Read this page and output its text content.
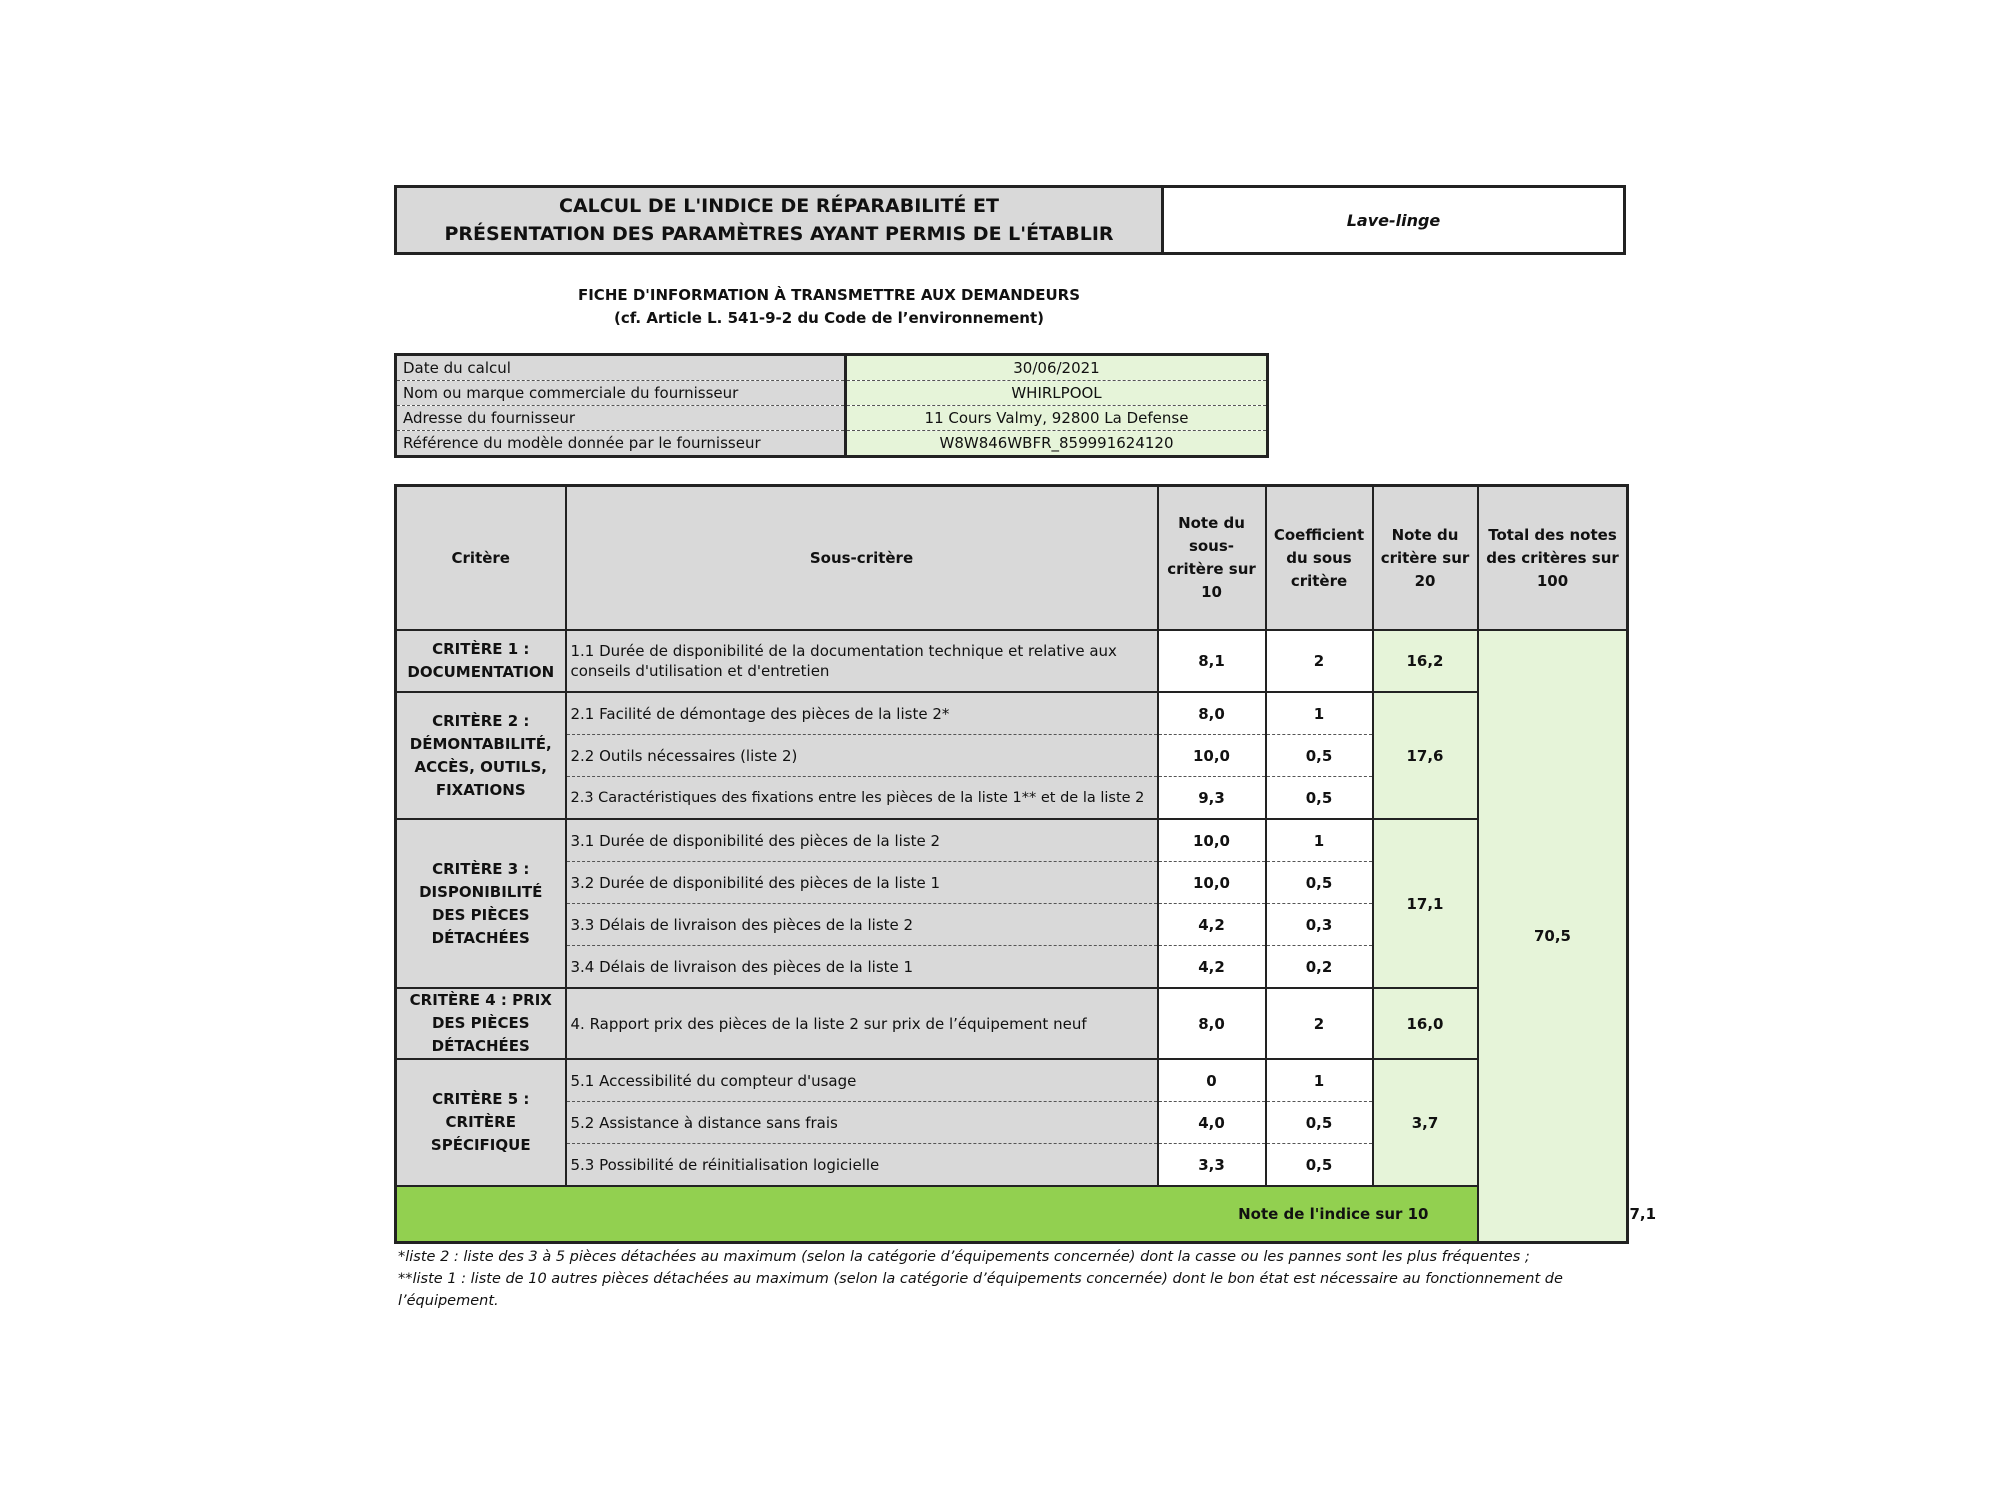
CALCUL DE L'INDICE DE RÉPARABILITÉ ET
PRÉSENTATION DES PARAMÈTRES AYANT PERMIS DE L'ÉTABLIR
Lave-linge
FICHE D'INFORMATION À TRANSMETTRE AUX DEMANDEURS
(cf. Article L. 541-9-2 du Code de l’environnement)
Date du calcul	30/06/2021
Nom ou marque commerciale du fournisseur	WHIRLPOOL
Adresse du fournisseur	11 Cours Valmy, 92800 La Defense
Référence du modèle donnée par le fournisseur	W8W846WBFR_859991624120
Critère	Sous-critère	Note du sous-critère sur 10	Coefficient du sous critère	Note du critère sur 20	Total des notes des critères sur 100	
CRITÈRE 1 : DOCUMENTATION	1.1 Durée de disponibilité de la documentation technique et relative aux conseils d'utilisation et d'entretien	8,1	2	16,2	70,5	
CRITÈRE 2 : DÉMONTABILITÉ, ACCÈS, OUTILS, FIXATIONS	2.1 Facilité de démontage des pièces de la liste 2*	8,0	1	17,6		
	2.2 Outils nécessaires (liste 2)	10,0	0,5			
	2.3 Caractéristiques des fixations entre les pièces de la liste 1** et de la liste 2	9,3	0,5			
CRITÈRE 3 : DISPONIBILITÉ DES PIÈCES DÉTACHÉES	3.1 Durée de disponibilité des pièces de la liste 2	10,0	1	17,1		
	3.2 Durée de disponibilité des pièces de la liste 1	10,0	0,5			
	3.3 Délais de livraison des pièces de la liste 2	4,2	0,3			
	3.4 Délais de livraison des pièces de la liste 1	4,2	0,2			
CRITÈRE 4 : PRIX DES PIÈCES DÉTACHÉES	4. Rapport prix des pièces de la liste 2 sur prix de l’équipement neuf	8,0	2	16,0		
CRITÈRE 5 : CRITÈRE SPÉCIFIQUE	5.1 Accessibilité du compteur d'usage	0	1	3,7		
	5.2 Assistance à distance sans frais	4,0	0,5			
	5.3 Possibilité de réinitialisation logicielle	3,3	0,5			
Note de l'indice sur 10						7,1
*liste 2 : liste des 3 à 5 pièces détachées au maximum (selon la catégorie d’équipements concernée) dont la casse ou les pannes sont les plus fréquentes ;
**liste 1 : liste de 10 autres pièces détachées au maximum (selon la catégorie d’équipements concernée) dont le bon état est nécessaire au fonctionnement de l’équipement.
